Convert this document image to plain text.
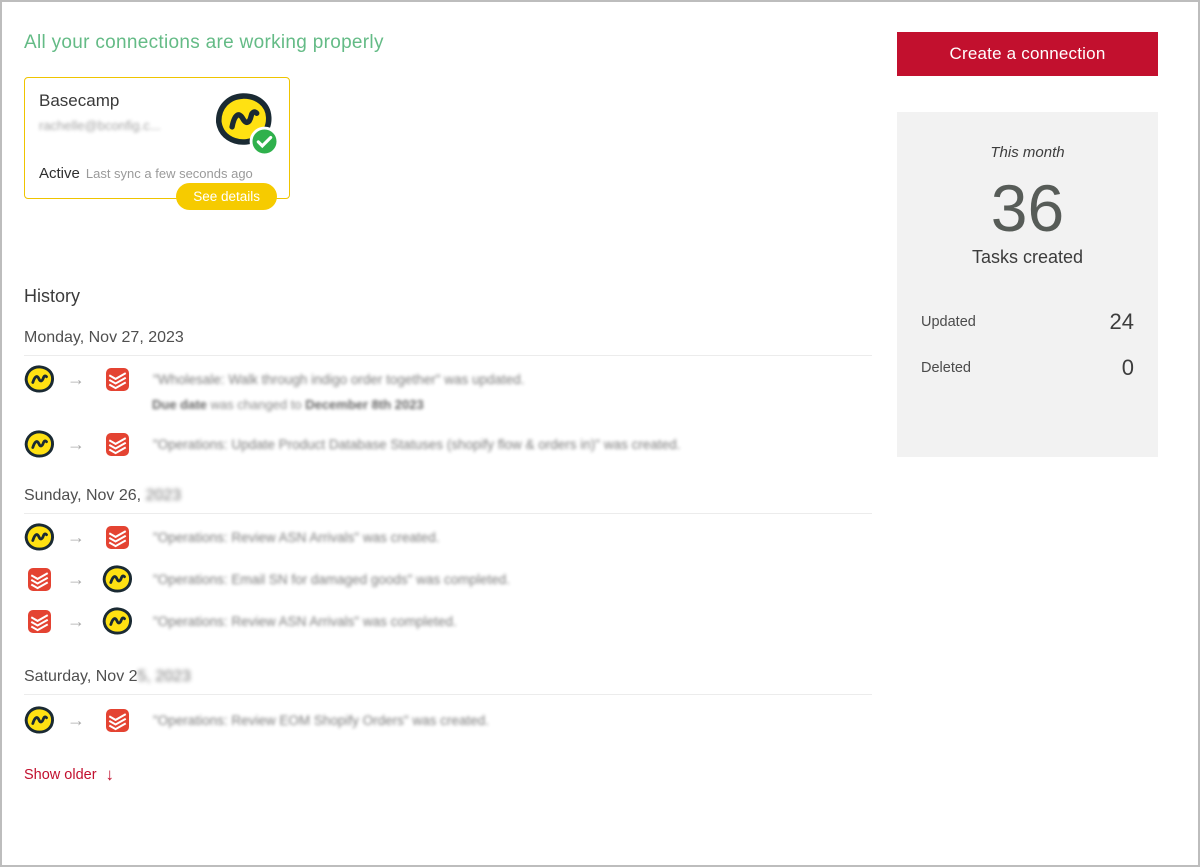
All your connections are working properly
Basecamp
rachelle@bconfig.c...
Active Last sync a few seconds ago
See details
History
Monday, Nov 27, 2023
→	"Wholesale: Walk through indigo order together" was updated.
Due date was changed to December 8th 2023
→	"Operations: Update Product Database Statuses (shopify flow & orders in)" was created.
Sunday, Nov 26, 2023
→	"Operations: Review ASN Arrivals" was created.
→	"Operations: Email SN for damaged goods" was completed.
→	"Operations: Review ASN Arrivals" was completed.
Saturday, Nov 25, 2023
→	"Operations: Review EOM Shopify Orders" was created.
Show older ↓
Create a connection
This month
36
Tasks created
Updated	24
Deleted	0
